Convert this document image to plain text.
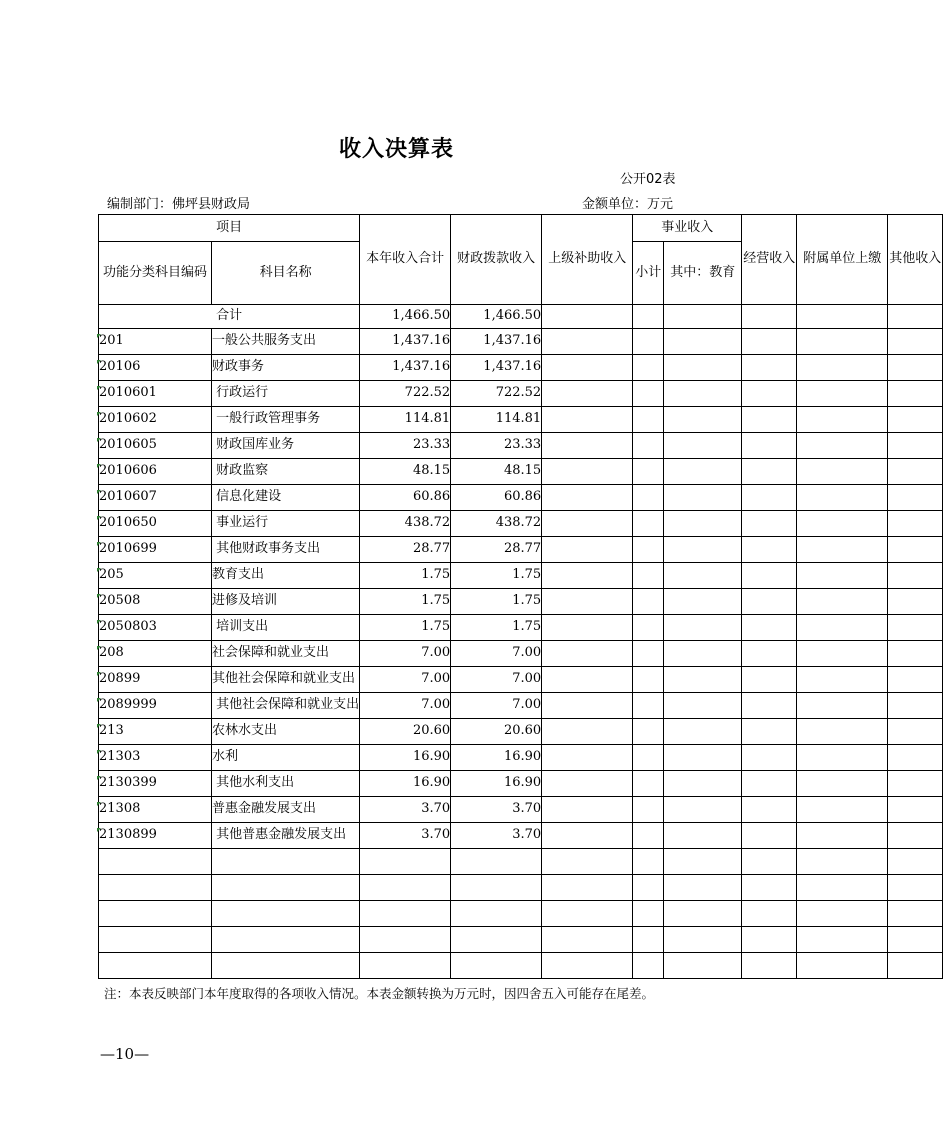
收入决算表
公开02表
编制部门：佛坪县财政局	金额单位：万元
项目		本年收入合计	财政拨款收入	上级补助收入	事业收入		经营收入	附属单位上缴	其他收入
功能分类科目编码	科目名称				小计	其中：教育			

合计		1,466.50	1,466.50						
201	一般公共服务支出	1,437.16	1,437.16						
20106	财政事务	1,437.16	1,437.16						
2010601	行政运行	722.52	722.52						
2010602	一般行政管理事务	114.81	114.81						
2010605	财政国库业务	23.33	23.33						
2010606	财政监察	48.15	48.15						
2010607	信息化建设	60.86	60.86						
2010650	事业运行	438.72	438.72						
2010699	其他财政事务支出	28.77	28.77						
205	教育支出	1.75	1.75						
20508	进修及培训	1.75	1.75						
2050803	培训支出	1.75	1.75						
208	社会保障和就业支出	7.00	7.00						
20899	其他社会保障和就业支出	7.00	7.00						
2089999	其他社会保障和就业支出	7.00	7.00						
213	农林水支出	20.60	20.60						
21303	水利	16.90	16.90						
2130399	其他水利支出	16.90	16.90						
21308	普惠金融发展支出	3.70	3.70						
2130899	其他普惠金融发展支出	3.70	3.70						

注：本表反映部门本年度取得的各项收入情况。本表金额转换为万元时，因四舍五入可能存在尾差。
—10—
